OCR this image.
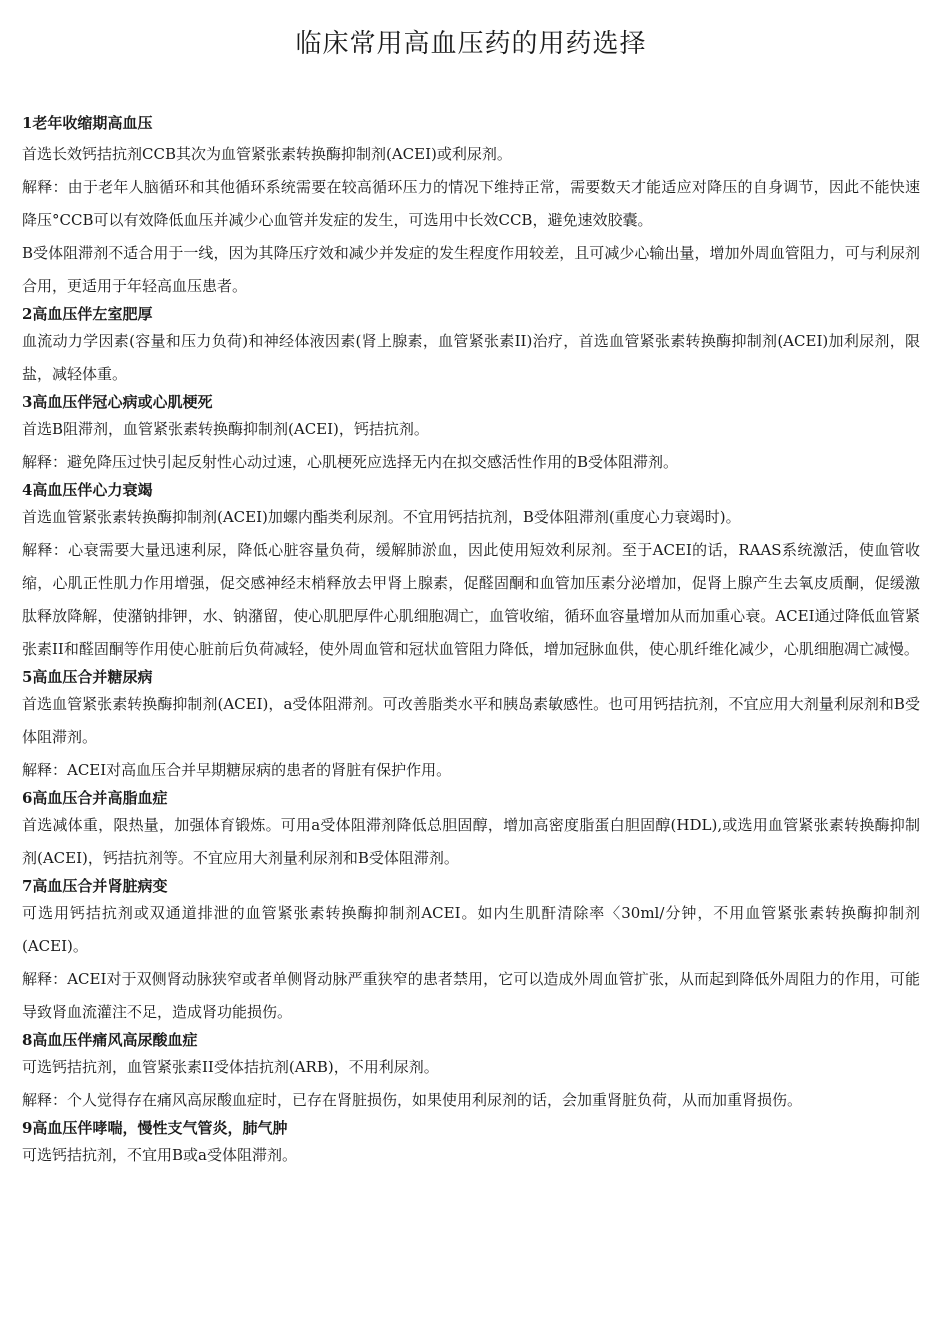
临床常用高血压药的用药选择
1老年收缩期高血压

首选长效钙拮抗剂CCB其次为血管紧张素转换酶抑制剂(ACEI)或利尿剂。

解释：由于老年人脑循环和其他循环系统需要在较高循环压力的情况下维持正常，需要数天才能适应对降压的自身调节，因此不能快速降压°CCB可以有效降低血压并减少心血管并发症的发生，可选用中长效CCB，避免速效胶囊。

B受体阻滞剂不适合用于一线，因为其降压疗效和减少并发症的发生程度作用较差，且可减少心输出量，增加外周血管阻力，可与利尿剂合用，更适用于年轻高血压患者。

2高血压伴左室肥厚

血流动力学因素(容量和压力负荷)和神经体液因素(肾上腺素，血管紧张素II)治疗，首选血管紧张素转换酶抑制剂(ACEI)加利尿剂，限盐，减轻体重。

3高血压伴冠心病或心肌梗死

首选B阻滞剂，血管紧张素转换酶抑制剂(ACEI)，钙拮抗剂。

解释：避免降压过快引起反射性心动过速，心肌梗死应选择无内在拟交感活性作用的B受体阻滞剂。

4高血压伴心力衰竭

首选血管紧张素转换酶抑制剂(ACEI)加螺内酯类利尿剂。不宜用钙拮抗剂，B受体阻滞剂(重度心力衰竭时)。

解释：心衰需要大量迅速利尿，降低心脏容量负荷，缓解肺淤血，因此使用短效利尿剂。至于ACEI的话，RAAS系统激活，使血管收缩，心肌正性肌力作用增强，促交感神经末梢释放去甲肾上腺素，促醛固酮和血管加压素分泌增加，促肾上腺产生去氧皮质酮，促缓激肽释放降解，使潴钠排钾，水、钠潴留，使心肌肥厚件心肌细胞凋亡，血管收缩，循环血容量增加从而加重心衰。ACEI通过降低血管紧张素II和醛固酮等作用使心脏前后负荷减轻，使外周血管和冠状血管阻力降低，增加冠脉血供，使心肌纤维化减少，心肌细胞凋亡减慢。

5高血压合并糖尿病

首选血管紧张素转换酶抑制剂(ACEI)，a受体阻滞剂。可改善脂类水平和胰岛素敏感性。也可用钙拮抗剂，不宜应用大剂量利尿剂和B受体阻滞剂。

解释：ACEI对高血压合并早期糖尿病的患者的肾脏有保护作用。

6高血压合并高脂血症

首选减体重，限热量，加强体育锻炼。可用a受体阻滞剂降低总胆固醇，增加高密度脂蛋白胆固醇(HDL),或选用血管紧张素转换酶抑制剂(ACEI)，钙拮抗剂等。不宜应用大剂量利尿剂和B受体阻滞剂。

7高血压合并肾脏病变

可选用钙拮抗剂或双通道排泄的血管紧张素转换酶抑制剂ACEI。如内生肌酐清除率〈30ml/分钟，不用血管紧张素转换酶抑制剂(ACEI)。

解释：ACEI对于双侧肾动脉狭窄或者单侧肾动脉严重狭窄的患者禁用，它可以造成外周血管扩张，从而起到降低外周阻力的作用，可能导致肾血流灌注不足，造成肾功能损伤。

8高血压伴痛风高尿酸血症

可选钙拮抗剂，血管紧张素II受体拮抗剂(ARB)，不用利尿剂。

解释：个人觉得存在痛风高尿酸血症时，已存在肾脏损伤，如果使用利尿剂的话，会加重肾脏负荷，从而加重肾损伤。

9高血压伴哮喘，慢性支气管炎，肺气肿

可选钙拮抗剂，不宜用B或a受体阻滞剂。
